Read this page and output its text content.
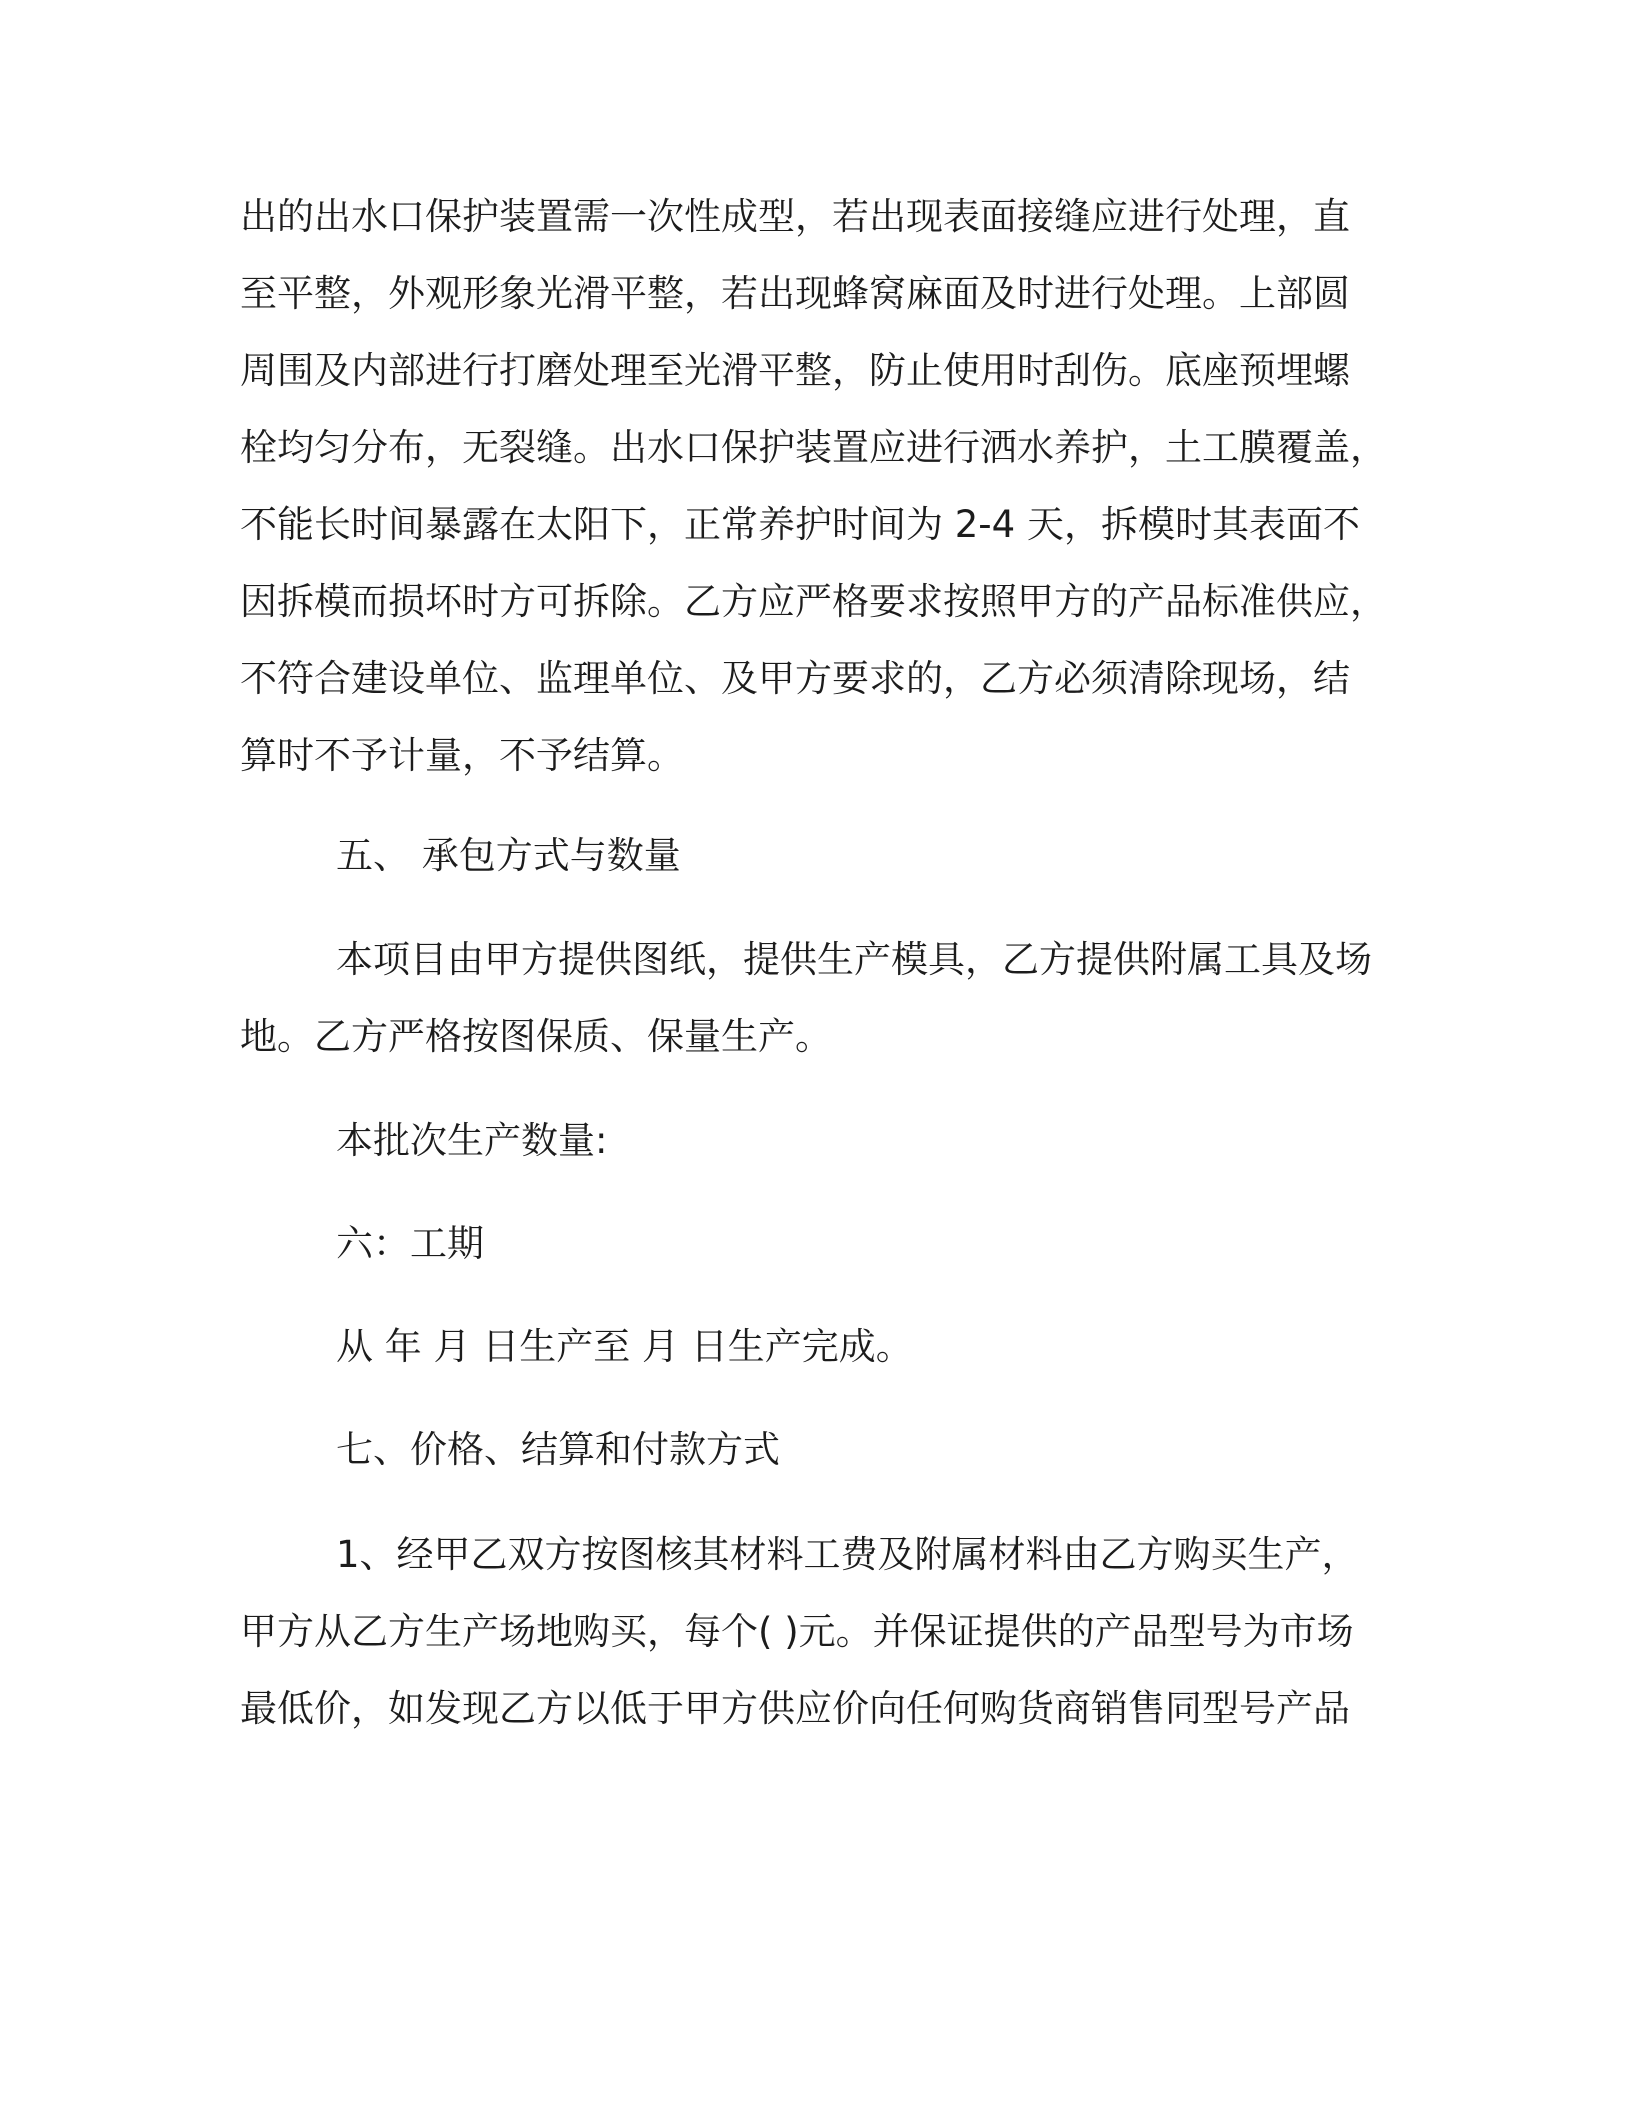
出的出水口保护装置需一次性成型，若出现表面接缝应进行处理，直
至平整，外观形象光滑平整，若出现蜂窝麻面及时进行处理。上部圆
周围及内部进行打磨处理至光滑平整，防止使用时刮伤。底座预埋螺
栓均匀分布，无裂缝。出水口保护装置应进行洒水养护，土工膜覆盖，
不能长时间暴露在太阳下，正常养护时间为 2-4 天，拆模时其表面不
因拆模而损坏时方可拆除。乙方应严格要求按照甲方的产品标准供应，
不符合建设单位、监理单位、及甲方要求的，乙方必须清除现场，结
算时不予计量，不予结算。
五、 承包方式与数量
本项目由甲方提供图纸，提供生产模具，乙方提供附属工具及场
地。乙方严格按图保质、保量生产。
本批次生产数量:
六：工期
从 年 月 日生产至 月 日生产完成。
七、价格、结算和付款方式
1、经甲乙双方按图核其材料工费及附属材料由乙方购买生产，
甲方从乙方生产场地购买，每个( )元。并保证提供的产品型号为市场
最低价，如发现乙方以低于甲方供应价向任何购货商销售同型号产品
